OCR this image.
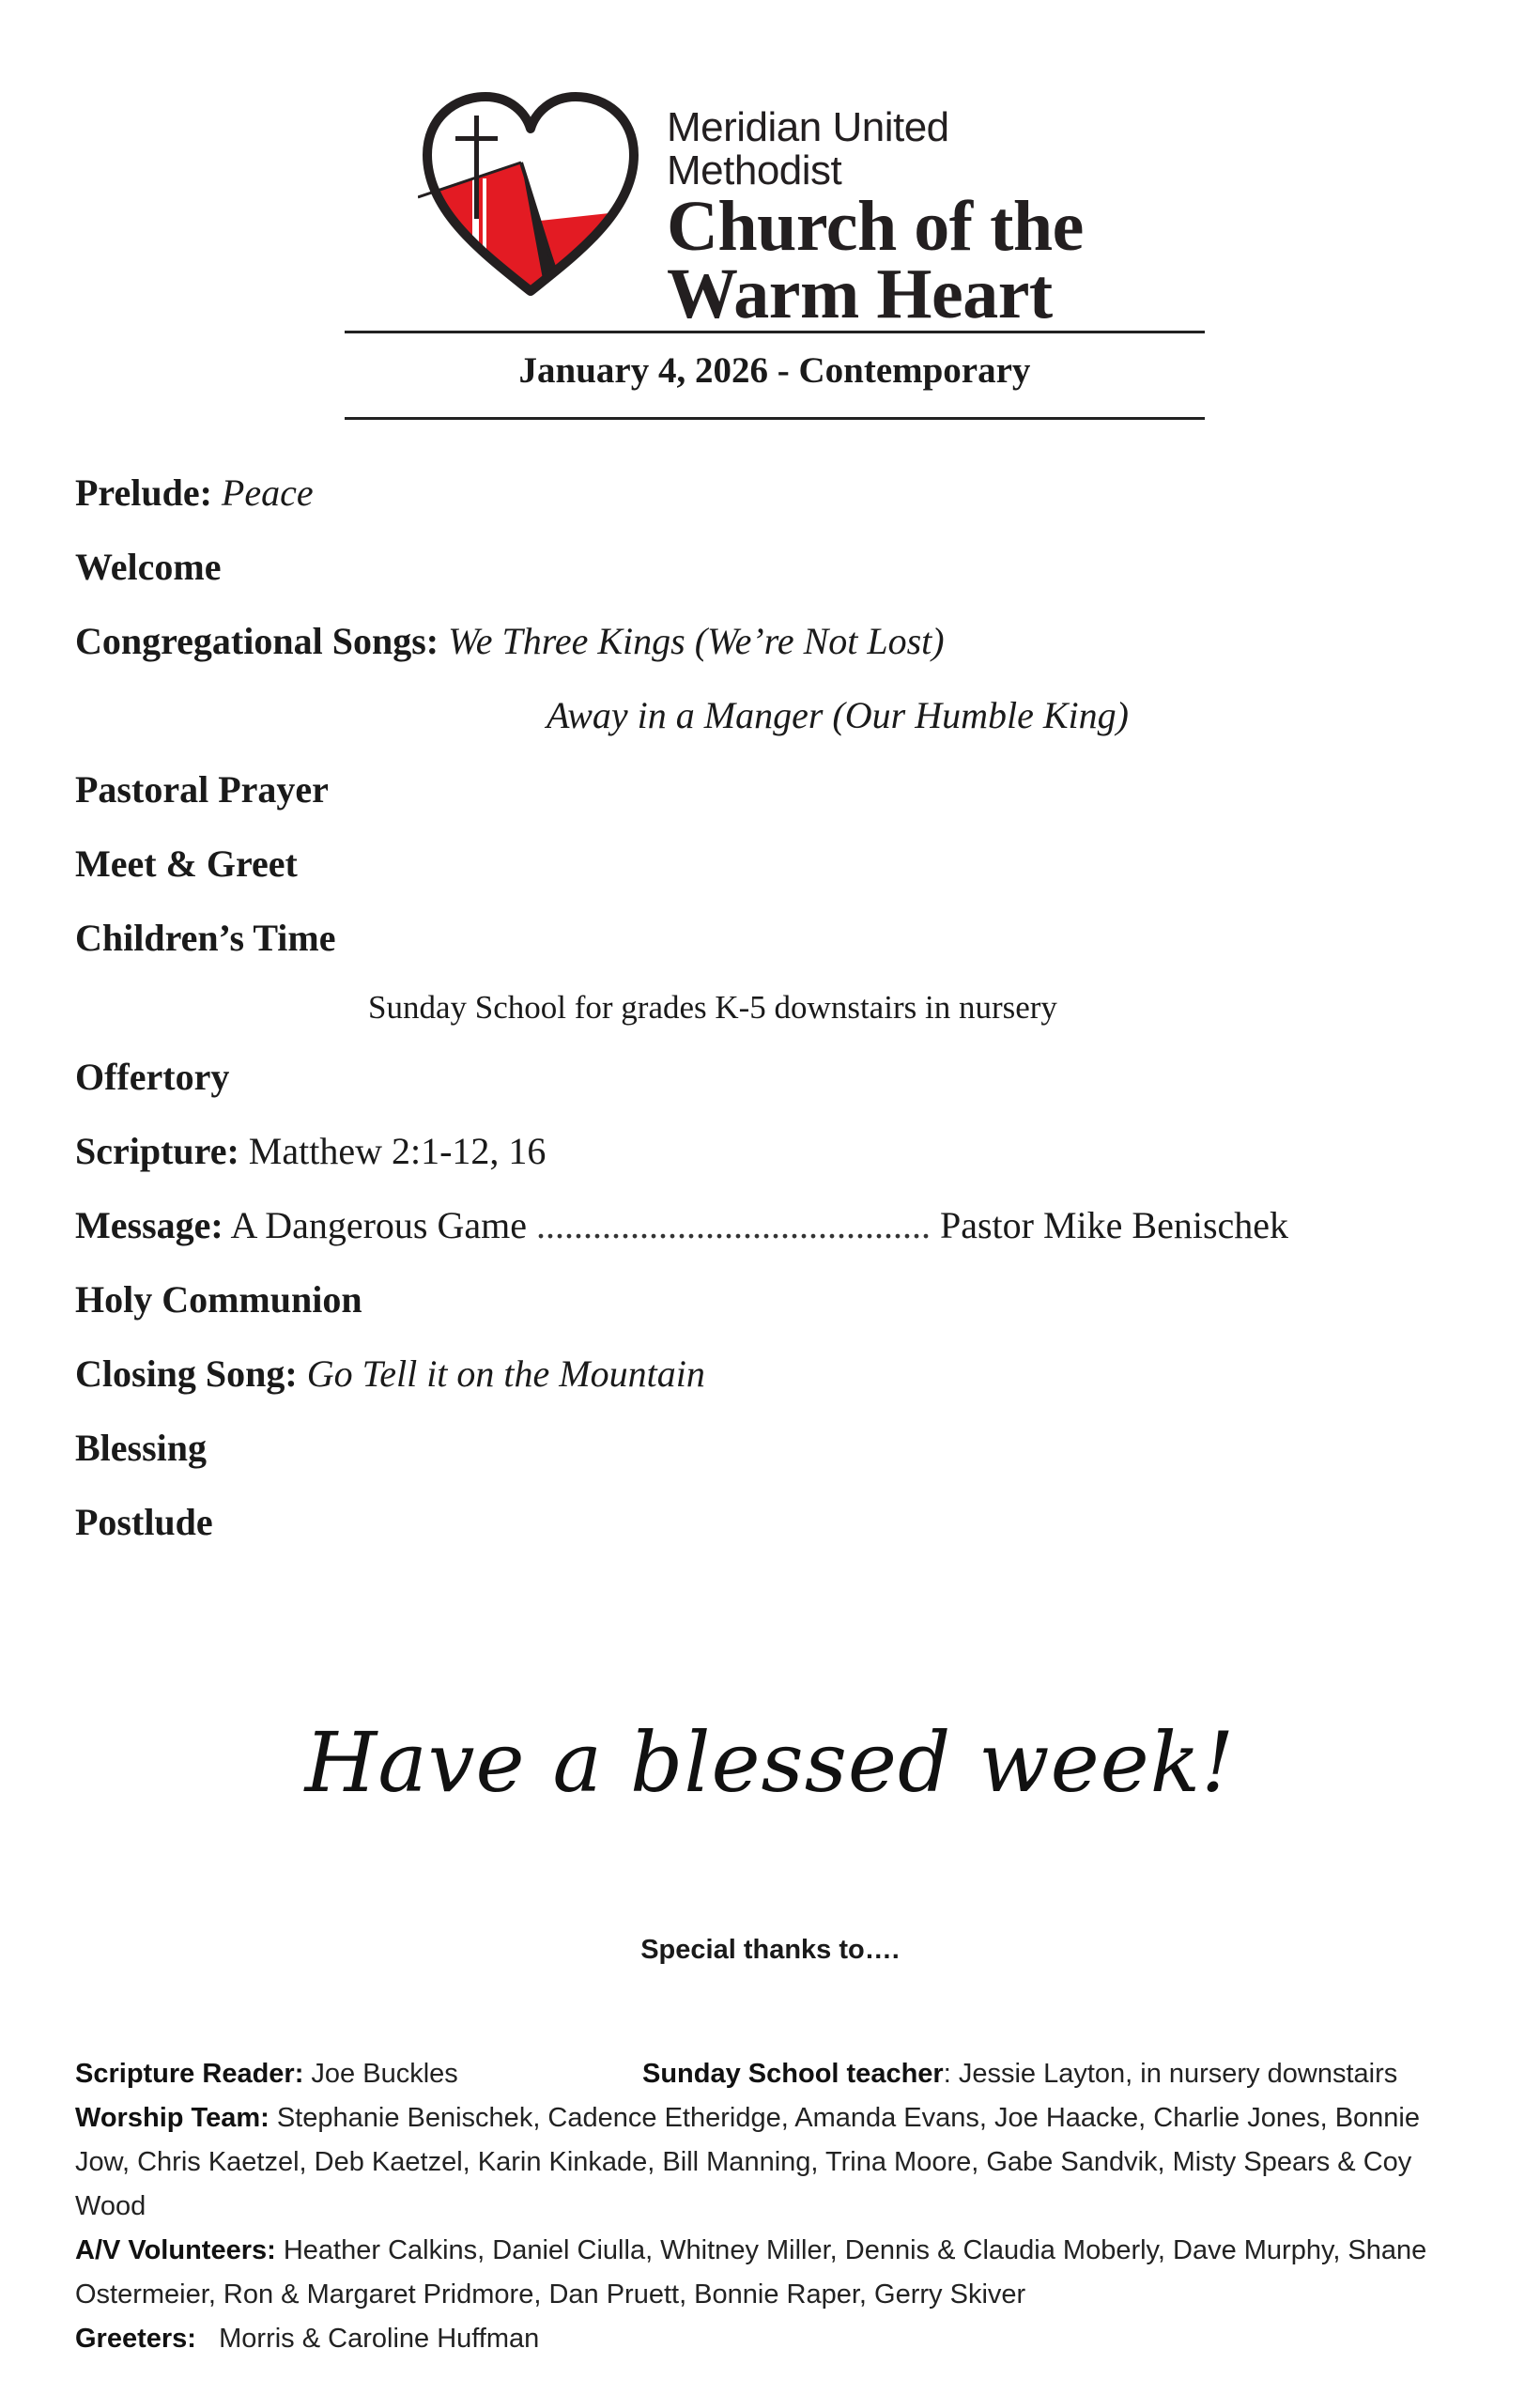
Meridian United Methodist
Church of the
Warm Heart
January 4, 2026 - Contemporary
Prelude: Peace
Welcome
Congregational Songs: We Three Kings (We’re Not Lost)
Away in a Manger (Our Humble King)
Pastoral Prayer
Meet & Greet
Children’s Time
Sunday School for grades K-5 downstairs in nursery
Offertory
Scripture: Matthew 2:1-12, 16
Message: A Dangerous Game .......................................... Pastor Mike Benischek
Holy Communion
Closing Song: Go Tell it on the Mountain
Blessing
Postlude
Have a blessed week!
Special thanks to….
Scripture Reader: Joe Buckles	Sunday School teacher: Jessie Layton, in nursery downstairs

Worship Team: Stephanie Benischek, Cadence Etheridge, Amanda Evans, Joe Haacke, Charlie Jones, Bonnie Jow, Chris Kaetzel, Deb Kaetzel, Karin Kinkade, Bill Manning, Trina Moore, Gabe Sandvik, Misty Spears & Coy Wood

A/V Volunteers: Heather Calkins, Daniel Ciulla, Whitney Miller, Dennis & Claudia Moberly, Dave Murphy, Shane Ostermeier, Ron & Margaret Pridmore, Dan Pruett, Bonnie Raper, Gerry Skiver

Greeters: Morris & Caroline Huffman
